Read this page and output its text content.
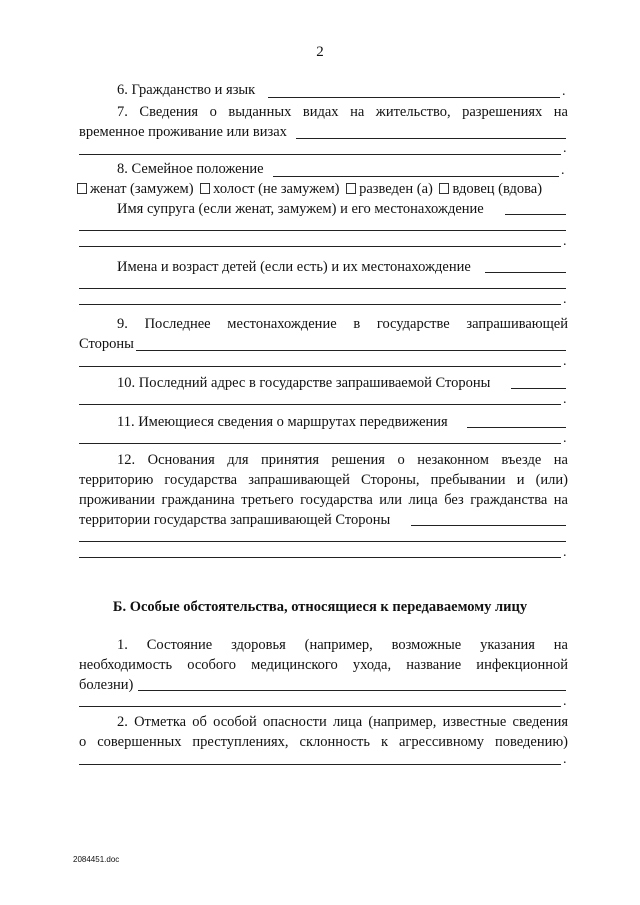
2
6. Гражданство и язык	.
7. Сведения о выданных видах на жительство, разрешениях на
временное проживание или визах
.
8. Семейное положение	.
женат (замужем) холост (не замужем) разведен (а) вдовец (вдова)
Имя супруга (если женат, замужем) и его местонахождение
.
Имена и возраст детей (если есть) и их местонахождение
.
9. Последнее местонахождение в государстве запрашивающей
Стороны
.
10. Последний адрес в государстве запрашиваемой Стороны
.
11. Имеющиеся сведения о маршрутах передвижения
.
12. Основания для принятия решения о незаконном въезде на
территорию государства запрашивающей Стороны, пребывании и (или)
проживании гражданина третьего государства или лица без гражданства на
территории государства запрашивающей Стороны
.
Б. Особые обстоятельства, относящиеся к передаваемому лицу
1. Состояние здоровья (например, возможные указания на
необходимость особого медицинского ухода, название инфекционной
болезни)
.
2. Отметка об особой опасности лица (например, известные сведения
о совершенных преступлениях, склонность к агрессивному поведению)
.
2084451.doc
